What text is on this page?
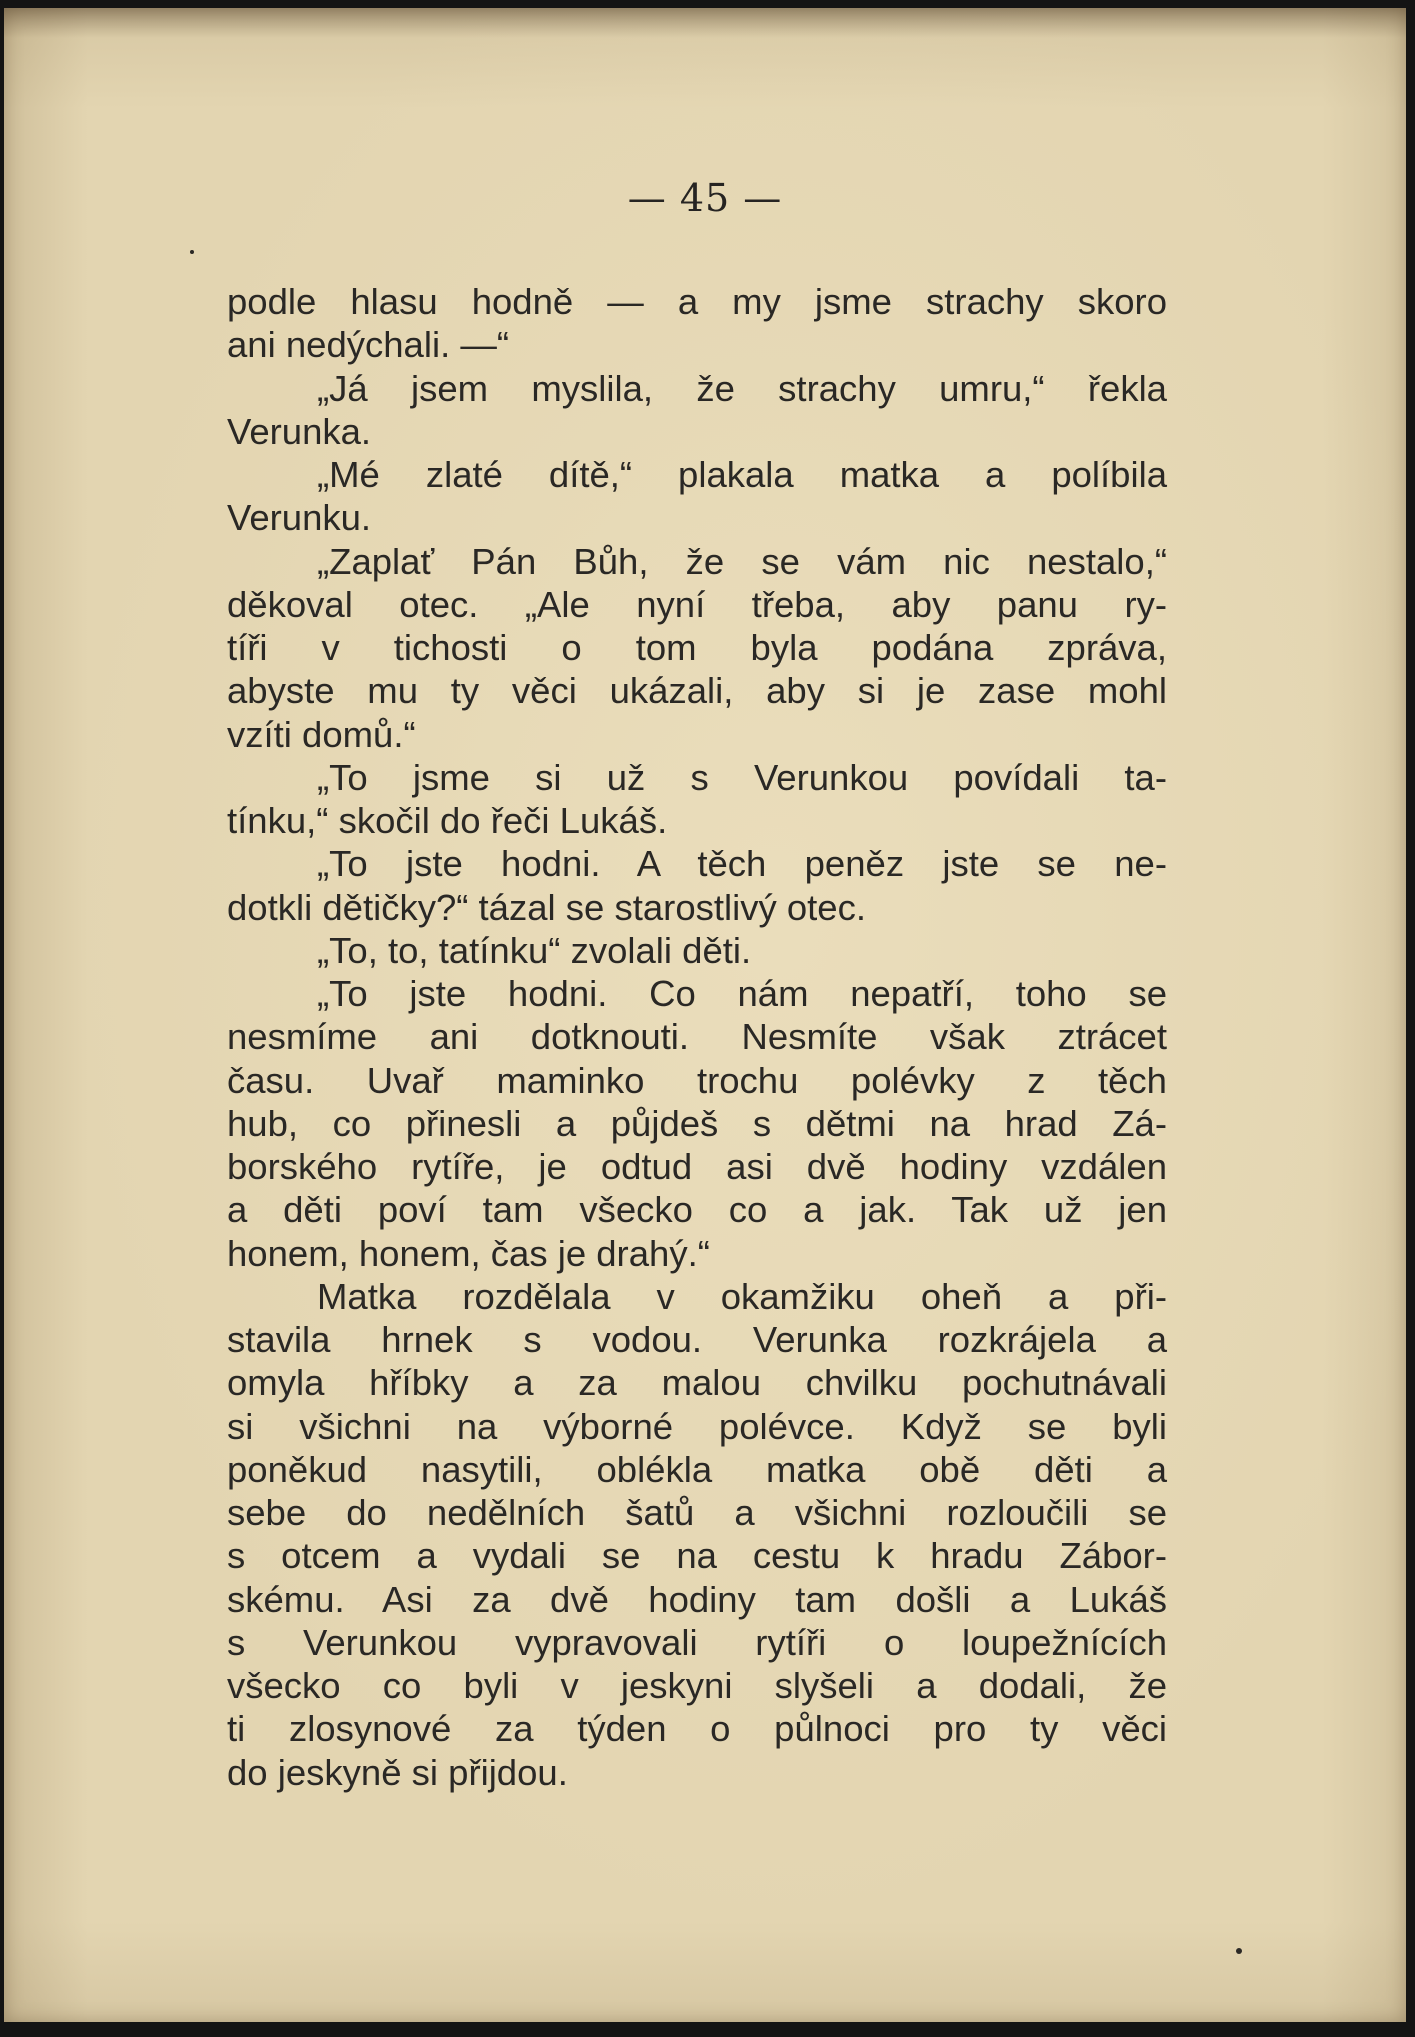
— 45 —
podle hlasu hodně — a my jsme strachy skoro
ani nedýchali. —“
„Já jsem myslila, že strachy umru,“ řekla
Verunka.
„Mé zlaté dítě,“ plakala matka a políbila
Verunku.
„Zaplať Pán Bůh, že se vám nic nestalo,“
děkoval otec. „Ale nyní třeba, aby panu ry-
tíři v tichosti o tom byla podána zpráva,
abyste mu ty věci ukázali, aby si je zase mohl
vzíti domů.“
„To jsme si už s Verunkou povídali ta-
tínku,“ skočil do řeči Lukáš.
„To jste hodni. A těch peněz jste se ne-
dotkli dětičky?“ tázal se starostlivý otec.
„To, to, tatínku“ zvolali děti.
„To jste hodni. Co nám nepatří, toho se
nesmíme ani dotknouti. Nesmíte však ztrácet
času. Uvař maminko trochu polévky z těch
hub, co přinesli a půjdeš s dětmi na hrad Zá-
borského rytíře, je odtud asi dvě hodiny vzdálen
a děti poví tam všecko co a jak. Tak už jen
honem, honem, čas je drahý.“
Matka rozdělala v okamžiku oheň a při-
stavila hrnek s vodou. Verunka rozkrájela a
omyla hříbky a za malou chvilku pochutnávali
si všichni na výborné polévce. Když se byli
poněkud nasytili, oblékla matka obě děti a
sebe do nedělních šatů a všichni rozloučili se
s otcem a vydali se na cestu k hradu Zábor-
skému. Asi za dvě hodiny tam došli a Lukáš
s Verunkou vypravovali rytíři o loupežnících
všecko co byli v jeskyni slyšeli a dodali, že
ti zlosynové za týden o půlnoci pro ty věci
do jeskyně si přijdou.
